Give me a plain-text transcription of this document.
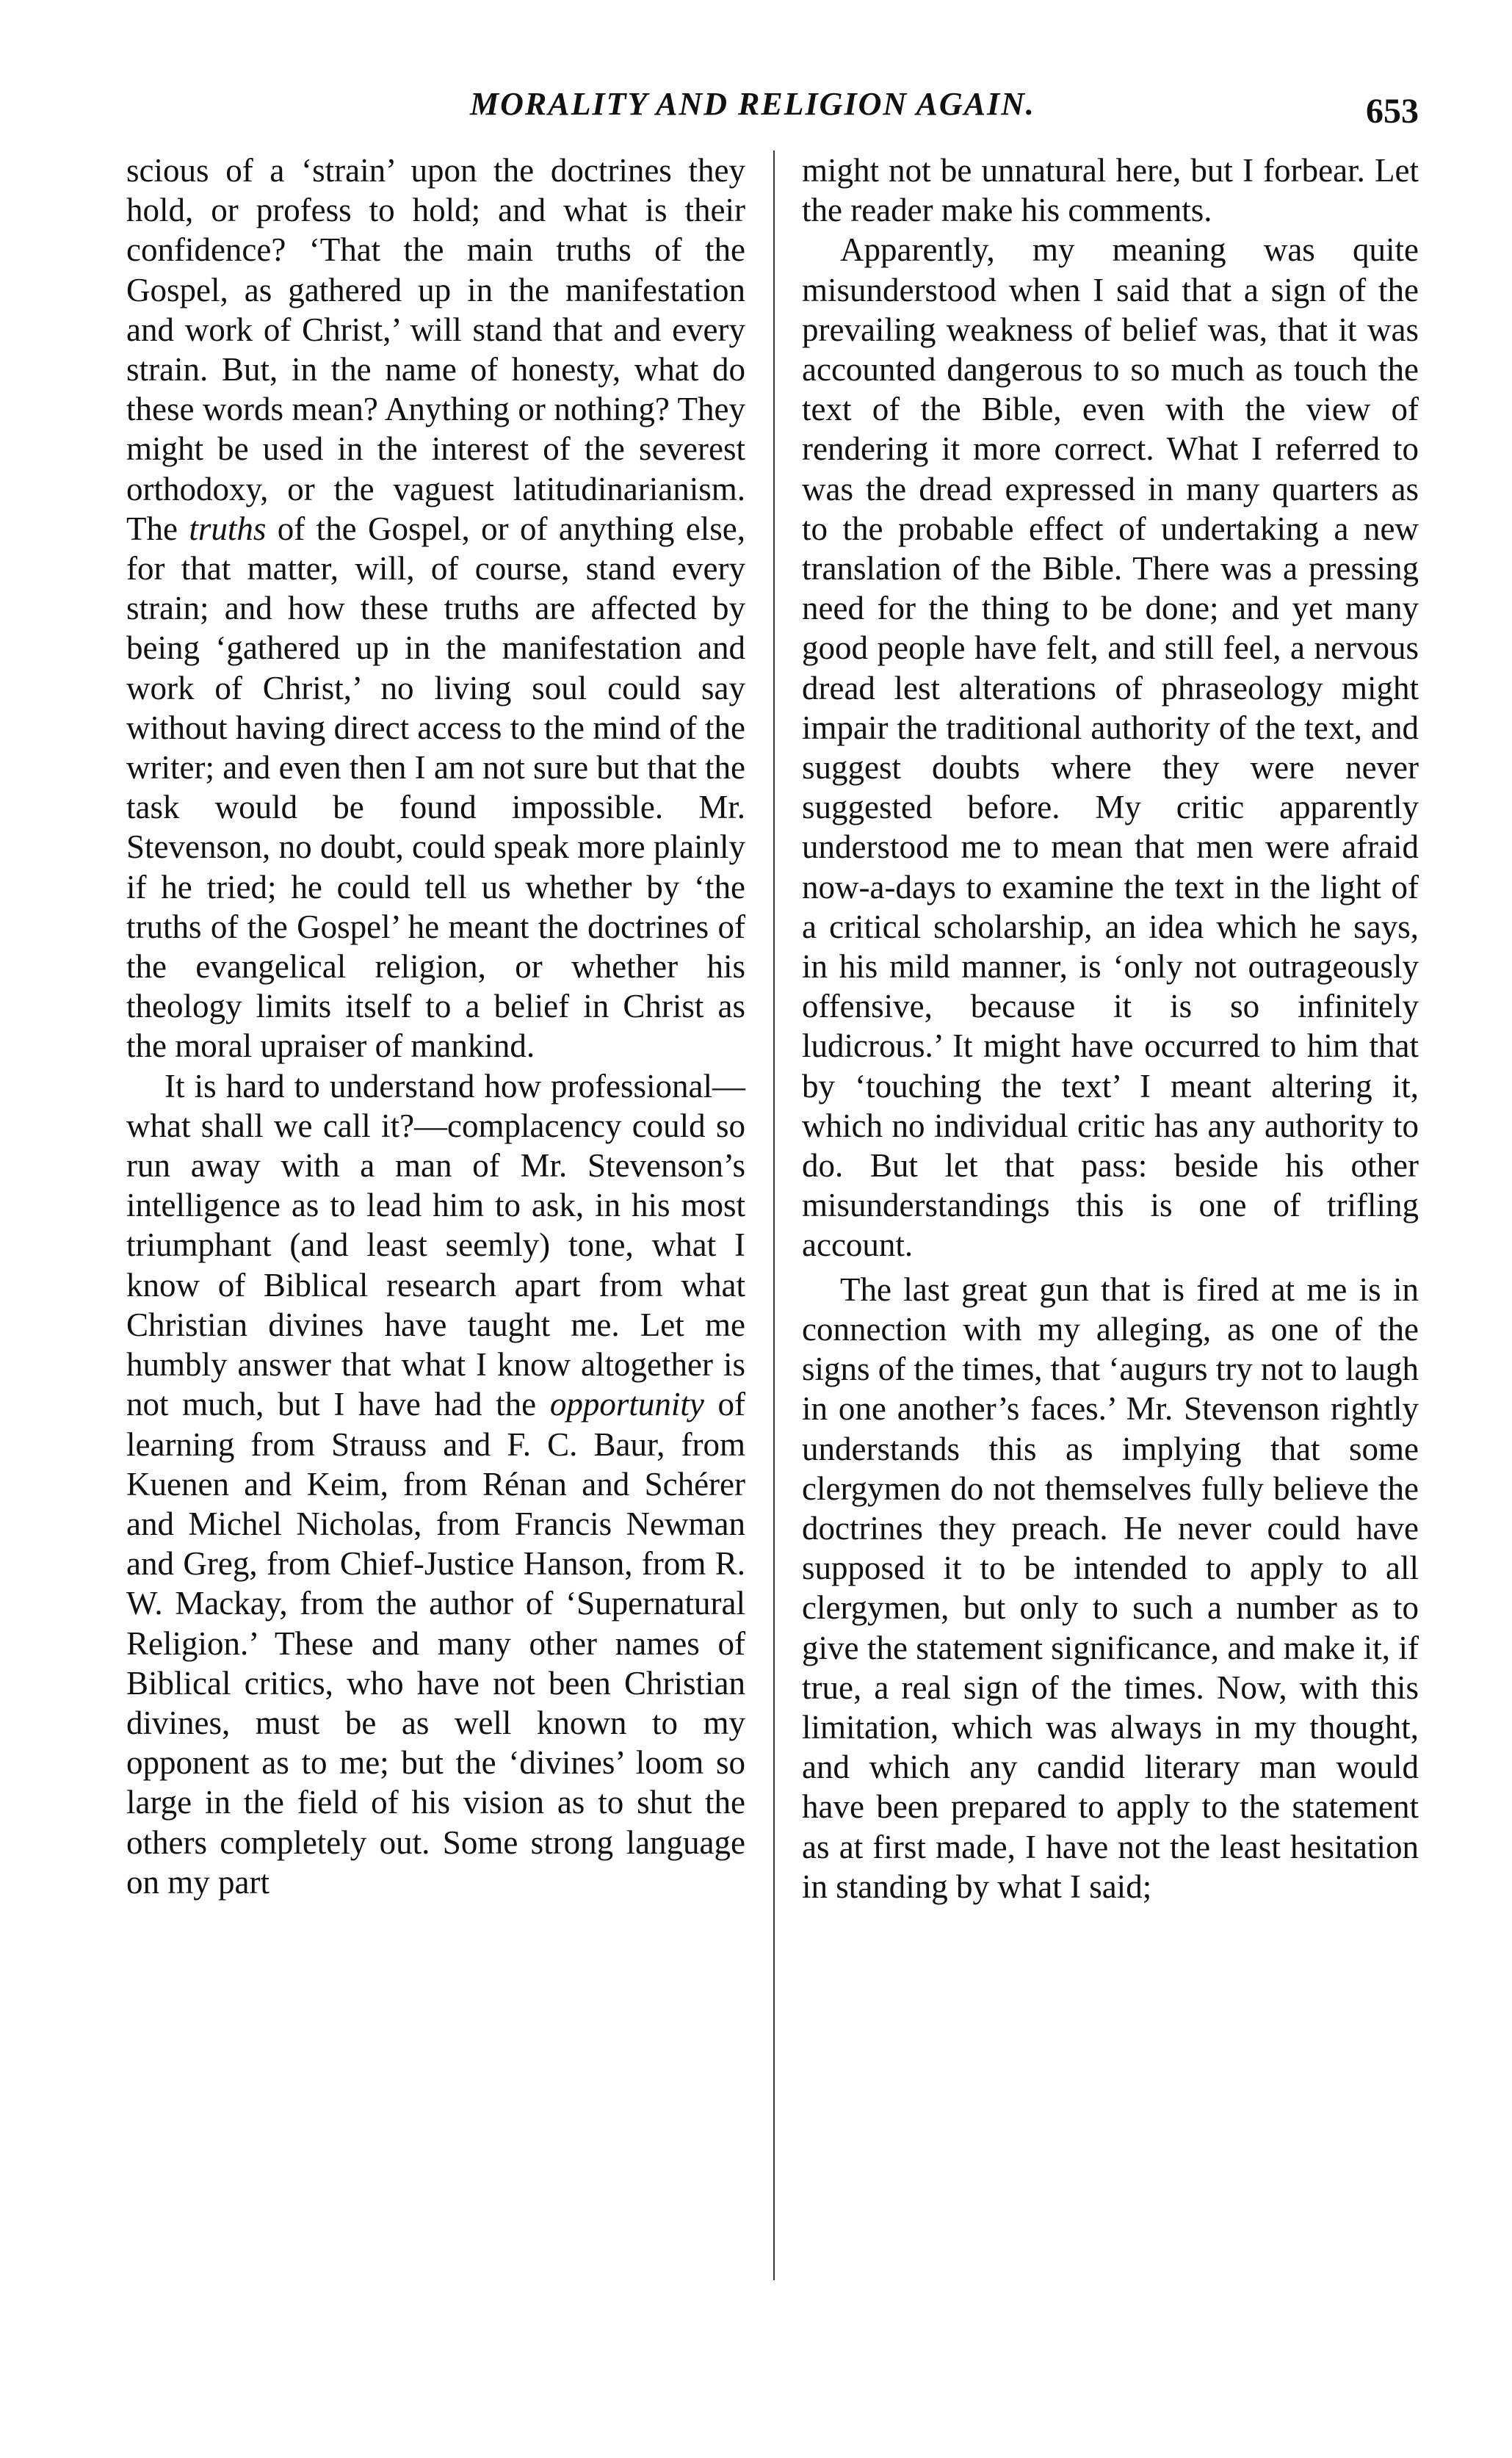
MORALITY AND RELIGION AGAIN.	653

scious of a ‘strain’ upon the doctrines they hold, or profess to hold; and what is their confidence? ‘That the main truths of the Gospel, as gathered up in the manifestation and work of Christ,’ will stand that and every strain. But, in the name of honesty, what do these words mean? Anything or nothing? They might be used in the interest of the severest orthodoxy, or the vaguest latitudinarianism. The truths of the Gospel, or of anything else, for that matter, will, of course, stand every strain; and how these truths are affected by being ‘gathered up in the manifestation and work of Christ,’ no living soul could say without having direct access to the mind of the writer; and even then I am not sure but that the task would be found impossible. Mr. Stevenson, no doubt, could speak more plainly if he tried; he could tell us whether by ‘the truths of the Gospel’ he meant the doctrines of the evangelical religion, or whether his theology limits itself to a belief in Christ as the moral upraiser of mankind.

It is hard to understand how professional—what shall we call it?—complacency could so run away with a man of Mr. Stevenson’s intelligence as to lead him to ask, in his most triumphant (and least seemly) tone, what I know of Biblical research apart from what Christian divines have taught me. Let me humbly answer that what I know altogether is not much, but I have had the opportunity of learning from Strauss and F. C. Baur, from Kuenen and Keim, from Rénan and Schérer and Michel Nicholas, from Francis Newman and Greg, from Chief-Justice Hanson, from R. W. Mackay, from the author of ‘Supernatural Religion.’ These and many other names of Biblical critics, who have not been Christian divines, must be as well known to my opponent as to me; but the ‘divines’ loom so large in the field of his vision as to shut the others completely out. Some strong language on my part

might not be unnatural here, but I forbear. Let the reader make his comments.

Apparently, my meaning was quite misunderstood when I said that a sign of the prevailing weakness of belief was, that it was accounted dangerous to so much as touch the text of the Bible, even with the view of rendering it more correct. What I referred to was the dread expressed in many quarters as to the probable effect of undertaking a new translation of the Bible. There was a pressing need for the thing to be done; and yet many good people have felt, and still feel, a nervous dread lest alterations of phraseology might impair the traditional authority of the text, and suggest doubts where they were never suggested before. My critic apparently understood me to mean that men were afraid now-a-days to examine the text in the light of a critical scholarship, an idea which he says, in his mild manner, is ‘only not outrageously offensive, because it is so infinitely ludicrous.’ It might have occurred to him that by ‘touching the text’ I meant altering it, which no individual critic has any authority to do. But let that pass: beside his other misunderstandings this is one of trifling account.

The last great gun that is fired at me is in connection with my alleging, as one of the signs of the times, that ‘augurs try not to laugh in one another’s faces.’ Mr. Stevenson rightly understands this as implying that some clergymen do not themselves fully believe the doctrines they preach. He never could have supposed it to be intended to apply to all clergymen, but only to such a number as to give the statement significance, and make it, if true, a real sign of the times. Now, with this limitation, which was always in my thought, and which any candid literary man would have been prepared to apply to the statement as at first made, I have not the least hesitation in standing by what I said;
